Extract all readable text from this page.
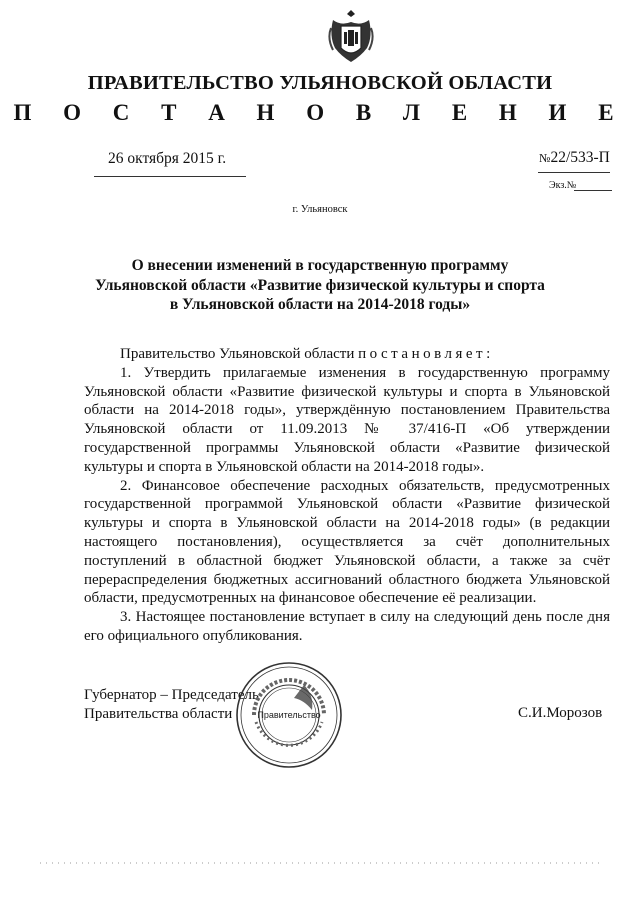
ПРАВИТЕЛЬСТВО УЛЬЯНОВСКОЙ ОБЛАСТИ
П О С Т А Н О В Л Е Н И Е
26 октября 2015 г.	№22/533-П
Экз.№
г. Ульяновск
О внесении изменений в государственную программу
Ульяновской области «Развитие физической культуры и спорта
в Ульяновской области на 2014-2018 годы»

Правительство Ульяновской области постановляет:

1. Утвердить прилагаемые изменения в государственную программу Ульяновской области «Развитие физической культуры и спорта в Ульяновской области на 2014-2018 годы», утверждённую постановлением Правительства Ульяновской области от 11.09.2013 № 37/416-П «Об утверждении государственной программы Ульяновской области «Развитие физической культуры и спорта в Ульяновской области на 2014-2018 годы».

2. Финансовое обеспечение расходных обязательств, предусмотренных государственной программой Ульяновской области «Развитие физической культуры и спорта в Ульяновской области на 2014-2018 годы» (в редакции настоящего постановления), осуществляется за счёт дополнительных поступлений в областной бюджет Ульяновской области, а также за счёт перераспределения бюджетных ассигнований областного бюджета Ульяновской области, предусмотренных на финансовое обеспечение её реализации.

3. Настоящее постановление вступает в силу на следующий день после дня его официального опубликования.

Губернатор – Председатель
Правительства области	С.И.Морозов
Правительство
